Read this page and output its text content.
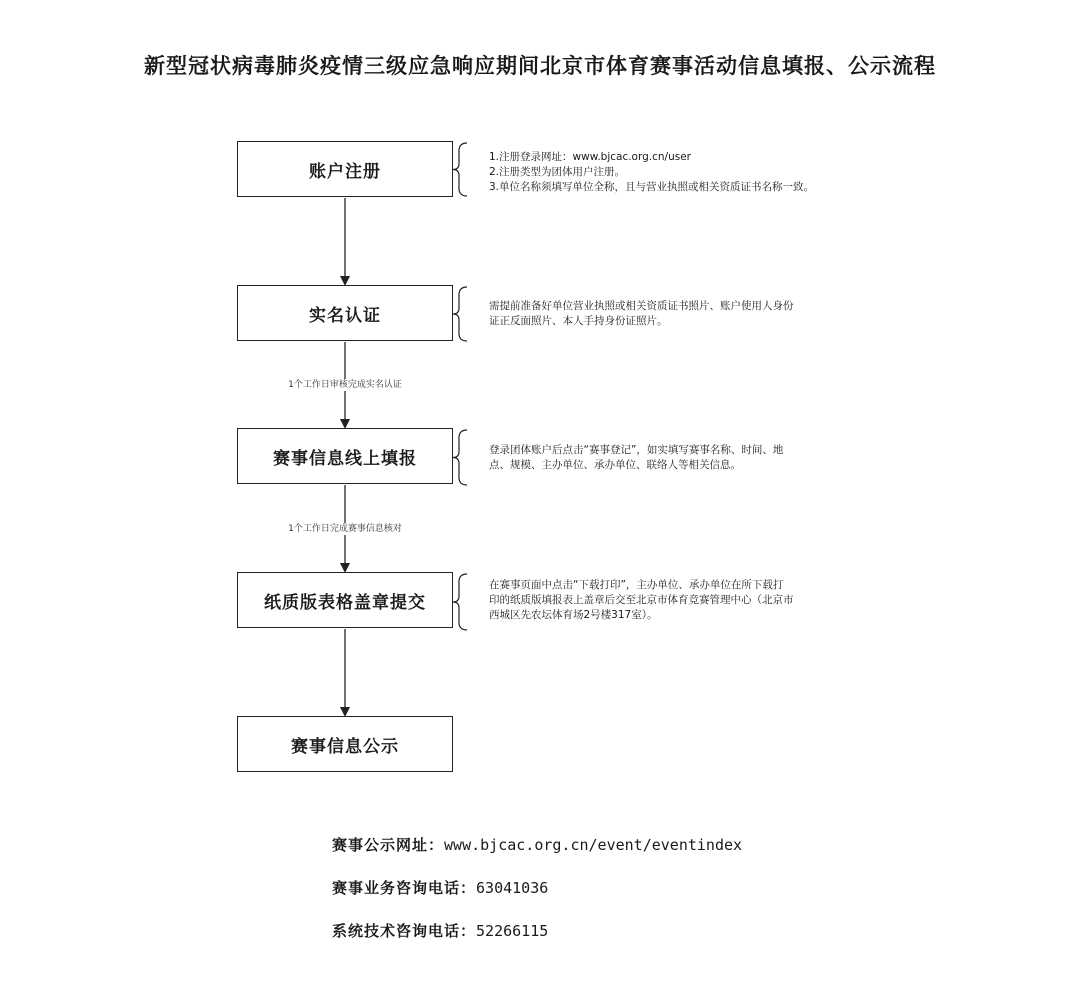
新型冠状病毒肺炎疫情三级应急响应期间北京市体育赛事活动信息填报、公示流程
账户注册
实名认证
赛事信息线上填报
纸质版表格盖章提交
赛事信息公示
1个工作日审核完成实名认证
1个工作日完成赛事信息核对
1.注册登录网址：www.bjcac.org.cn/user
2.注册类型为团体用户注册。
3.单位名称须填写单位全称，且与营业执照或相关资质证书名称一致。
需提前准备好单位营业执照或相关资质证书照片、账户使用人身份
证正反面照片、本人手持身份证照片。
登录团体账户后点击“赛事登记”，如实填写赛事名称、时间、地
点、规模、主办单位、承办单位、联络人等相关信息。
在赛事页面中点击“下载打印”，主办单位、承办单位在所下载打
印的纸质版填报表上盖章后交至北京市体育竞赛管理中心（北京市
西城区先农坛体育场2号楼317室）。
赛事公示网址：www.bjcac.org.cn/event/eventindex
赛事业务咨询电话：63041036
系统技术咨询电话：52266115
